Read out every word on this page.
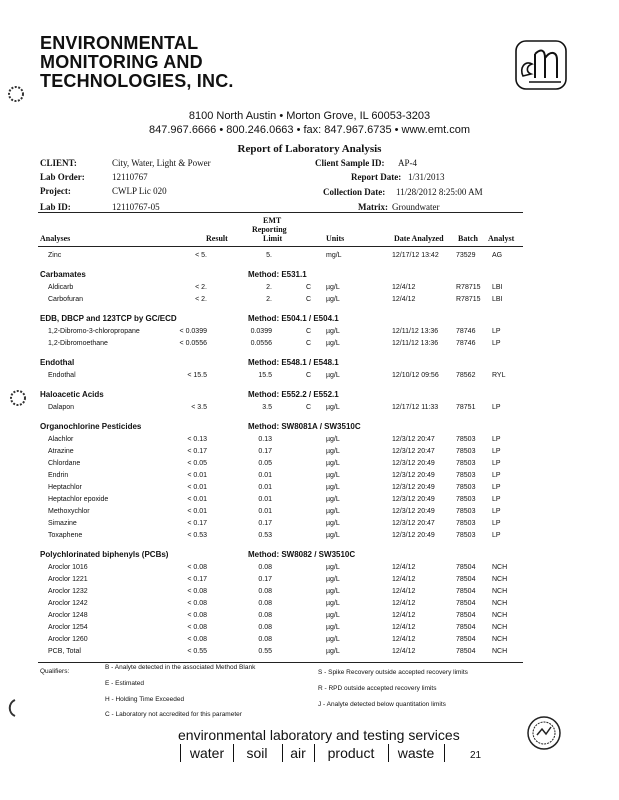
ENVIRONMENTAL
MONITORING AND
TECHNOLOGIES, INC.
8100 North Austin • Morton Grove, IL 60053-3203
847.967.6666 • 800.246.0663 • fax: 847.967.6735 • www.emt.com
Report of Laboratory Analysis
CLIENT:	City, Water, Light & Power
Lab Order:	12110767
Project:	CWLP Lic 020
Lab ID:	12110767-05
Client Sample ID: AP-4
Report Date: 1/31/2013
Collection Date: 11/28/2012 8:25:00 AM
Matrix: Groundwater
Analyses	Result
EMT
Reporting
Limit	Units	Date Analyzed Batch Analyst
Zinc	< 5.	5.	mg/L	12/17/12 13:42 73529 AG
Carbamates	Method: E531.1
Aldicarb	< 2.	2.	C µg/L	12/4/12	R78715 LBI
Carbofuran	< 2.	2.	C µg/L	12/4/12	R78715 LBI
EDB, DBCP and 123TCP by GC/ECD	Method: E504.1 / E504.1
1,2-Dibromo-3-chloropropane	< 0.0399	0.0399	C µg/L	12/11/12 13:36	78746 LP
1,2-Dibromoethane	< 0.0556	0.0556	C µg/L	12/11/12 13:36	78746 LP
Endothal	Method: E548.1 / E548.1
Endothal	< 15.5	15.5	C µg/L	12/10/12 09:56 78562 RYL
Haloacetic Acids	Method: E552.2 / E552.1
Dalapon	< 3.5	3.5	C µg/L	12/17/12 11:33	78751 LP
Organochlorine Pesticides	Method: SW8081A / SW3510C
Alachlor	< 0.13	0.13	µg/L	12/3/12 20:47	78503 LP
Atrazine	< 0.17	0.17	µg/L	12/3/12 20:47	78503 LP
Chlordane	< 0.05	0.05	µg/L	12/3/12 20:49	78503 LP
Endrin	< 0.01	0.01	µg/L	12/3/12 20:49	78503 LP
Heptachlor	< 0.01	0.01	µg/L	12/3/12 20:49	78503 LP
Heptachlor epoxide	< 0.01	0.01	µg/L	12/3/12 20:49	78503 LP
Methoxychlor	< 0.01	0.01	µg/L	12/3/12 20:49	78503 LP
Simazine	< 0.17	0.17	µg/L	12/3/12 20:47	78503 LP
Toxaphene	< 0.53	0.53	µg/L	12/3/12 20:49	78503 LP
Polychlorinated biphenyls (PCBs)	Method: SW8082 / SW3510C
Aroclor 1016	< 0.08	0.08	µg/L	12/4/12	78504 NCH
Aroclor 1221	< 0.17	0.17	µg/L	12/4/12	78504 NCH
Aroclor 1232	< 0.08	0.08	µg/L	12/4/12	78504 NCH
Aroclor 1242	< 0.08	0.08	µg/L	12/4/12	78504 NCH
Aroclor 1248	< 0.08	0.08	µg/L	12/4/12	78504 NCH
Aroclor 1254	< 0.08	0.08	µg/L	12/4/12	78504 NCH
Aroclor 1260	< 0.08	0.08	µg/L	12/4/12	78504 NCH
PCB, Total	< 0.55	0.55	µg/L	12/4/12	78504 NCH
Qualifiers:
B - Analyte detected in the associated Method Blank
E - Estimated
H - Holding Time Exceeded
C - Laboratory not accredited for this parameter
S - Spike Recovery outside accepted recovery limits
R - RPD outside accepted recovery limits
J - Analyte detected below quantitation limits
environmental laboratory and testing services
water	soil	air	product	waste	21
